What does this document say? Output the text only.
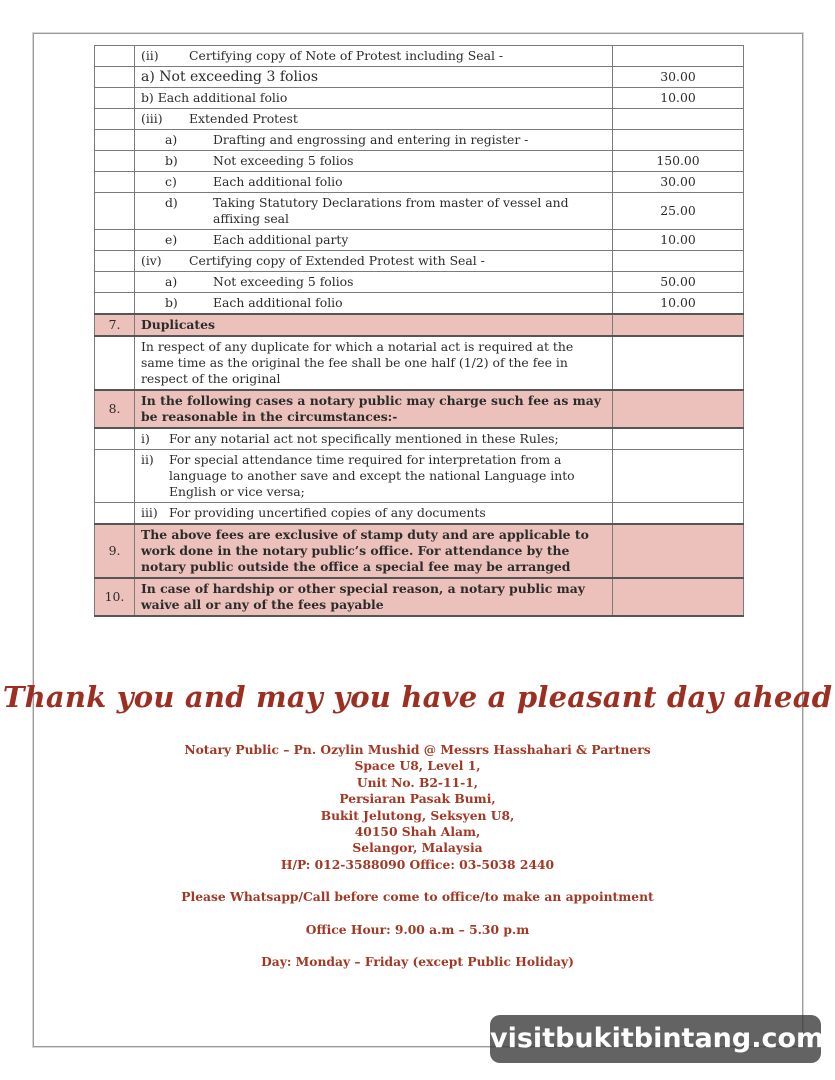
	(ii) Certifying copy of Note of Protest including Seal -	
	a) Not exceeding 3 folios	30.00
	b) Each additional folio	10.00
	(iii) Extended Protest	

	a) Drafting and engrossing and entering in register -	

	b) Not exceeding 5 folios	150.00

	c) Each additional folio	30.00

	d) Taking Statutory Declarations from master of vessel and affixing seal	25.00

	e) Each additional party	10.00
	(iv) Certifying copy of Extended Protest with Seal -	

	a) Not exceeding 5 folios	50.00

	b) Each additional folio	10.00
7.	Duplicates	
	In respect of any duplicate for which a notarial act is required at the same time as the original the fee shall be one half (1/2) of the fee in respect of the original	
8.	In the following cases a notary public may charge such fee as may be reasonable in the circumstances:-	

	i) For any notarial act not specifically mentioned in these Rules;	

	ii) For special attendance time required for interpretation from a language to another save and except the national Language into English or vice versa;	

	iii) For providing uncertified copies of any documents	

9.	The above fees are exclusive of stamp duty and are applicable to work done in the notary public’s office. For attendance by the notary public outside the office a special fee may be arranged	
10.	In case of hardship or other special reason, a notary public may waive all or any of the fees payable	
Thank you and may you have a pleasant day ahead

Notary Public – Pn. Ozylin Mushid @ Messrs Hasshahari & Partners

Space U8, Level 1,

Unit No. B2-11-1,

Persiaran Pasak Bumi,

Bukit Jelutong, Seksyen U8,

40150 Shah Alam,

Selangor, Malaysia

H/P: 012-3588090 Office: 03-5038 2440

Please Whatsapp/Call before come to office/to make an appointment

Office Hour: 9.00 a.m – 5.30 p.m

Day: Monday – Friday (except Public Holiday)

visitbukitbintang.com
